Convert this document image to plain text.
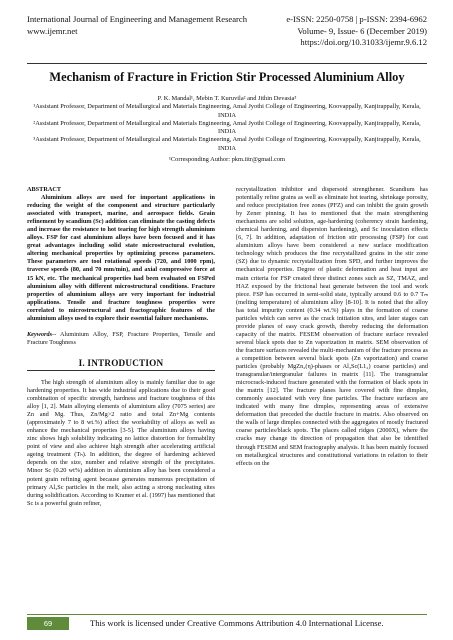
International Journal of Engineering and Management Research
www.ijemr.net
e-ISSN: 2250-0758 | p-ISSN: 2394-6962
Volume- 9, Issue- 6 (December 2019)
https://doi.org/10.31033/ijemr.9.6.12
Mechanism of Fracture in Friction Stir Processed Aluminium Alloy

P. K. Mandal¹, Mebin T. Kuruvila² and Jithin Devasia³

¹Assistant Professor, Department of Metallurgical and Materials Engineering, Amal Jyothi College of Engineering, Koovappally, Kanjirappally, Kerala, INDIA

²Assistant Professor, Department of Metallurgical and Materials Engineering, Amal Jyothi College of Engineering, Koovappally, Kanjirappally, Kerala, INDIA

³Assistant Professor, Department of Metallurgical and Materials Engineering, Amal Jyothi College of Engineering, Koovappally, Kanjirappally, Kerala, INDIA

¹Corresponding Author: pkm.iitr@gmail.com

ABSTRACT

Aluminium alloys are used for important applications in reducing the weight of the component and structure particularly associated with transport, marine, and aerospace fields. Grain refinement by scandium (Sc) addition can eliminate the casting defects and increase the resistance to hot tearing for high strength aluminium alloys. FSP for cast aluminium alloys have been focused and it has great advantages including solid state microstructural evolution, altering mechanical properties by optimizing process parameters. These parameters are tool rotational speeds (720, and 1000 rpm), traverse speeds (80, and 70 mm/min), and axial compressive force at 15 kN, etc. The mechanical properties had been evaluated on FSPed aluminium alloy with different microstructural conditions. Fracture properties of aluminium alloys are very important for industrial applications. Tensile and fracture toughness properties were correlated to microstructural and fractographic features of the aluminium alloys used to explore their essential failure mechanisms.

Keywords-- Aluminium Alloy, FSP, Fracture Properties, Tensile and Fracture Toughness

I. INTRODUCTION

The high strength of aluminium alloy is mainly familiar due to age hardening properties. It has wide industrial applications due to their good combination of specific strength, hardness and fracture toughness of this alloy [1, 2]. Main alloying elements of aluminium alloy (7075 series) are Zn and Mg. Thus, Zn/Mg>2 ratio and total Zn+Mg contents (approximately 7 to 8 wt.%) affect the workability of alloys as well as enhance the mechanical properties [3-5]. The aluminium alloys having zinc shows high solubility indicating no lattice distortion for formability point of view and also achieve high strength after accelerating artificial ageing treatment (Tₕ). In addition, the degree of hardening achieved depends on the size, number and relative strength of the precipitates. Minor Sc (0.20 wt%) addition in aluminium alloy has been considered a potent grain refining agent because generates numerous precipitation of primary Al₃Sc particles in the melt, also acting a strong nucleating sites during solidification. According to Kramer et al. (1997) has mentioned that Sc is a powerful grain refiner,

recrystallization inhibitor and dispersoid strengthener. Scandium has potentially refine grains as well as eliminate hot tearing, shrinkage porosity, and reduce precipitation free zones (PFZ) and can inhibit the grain growth by Zener pinning. It has to mentioned that the main strengthening mechanisms are solid solution, age-hardening (coherency strain hardening, chemical hardening, and dispersion hardening), and Sc inoculation effects [6, 7]. In addition, adaptation of friction stir processing (FSP) for cast aluminium alloys have been considered a new surface modification technology which produces the fine recrystallized grains in the stir zone (SZ) due to dynamic recrystallization from SPD, and further improves the mechanical properties. Degree of plastic deformation and heat input are main criteria for FSP created three distinct zones such as SZ, TMAZ, and HAZ exposed by the frictional heat generate between the tool and work piece. FSP has occurred in semi-solid state, typically around 0.6 to 0.7 Tₘ (melting temperature) of aluminium alloy [8-10]. It is noted that the alloy has total impurity content (0.34 wt.%) plays in the formation of coarse particles which can serve as the crack initiation sites, and later stages can provide planes of easy crack growth, thereby reducing the deformation capacity of the matrix. FESEM observation of fracture surface revealed several black spots due to Zn vaporization in matrix. SEM observation of the fracture surfaces revealed the multi-mechanism of the fracture process as a competition between several black spots (Zn vaporization) and coarse particles (probably MgZn₂(η)-phases or Al₃Sc(L1₂) coarse particles) and transgranular/intergranular failures in matrix [11]. The transgranular microcrack-induced fracture generated with the formation of black spots in the matrix [12]. The fracture planes have covered with fine dimples, commonly associated with very fine particles. The fracture surfaces are indicated with many fine dimples, representing areas of extensive deformation that preceded the ductile fracture in matrix. Also observed on the walls of large dimples connected with the aggregates of mostly fractured coarse particles/black spots. The places called ridges (2000X), where the cracks may change its direction of propagation that also be identified through FESEM and SEM fractography analysis. It has been mainly focused on metallurgical structures and constitutional variations in relation to their effects on the

69	This work is licensed under Creative Commons Attribution 4.0 International License.
